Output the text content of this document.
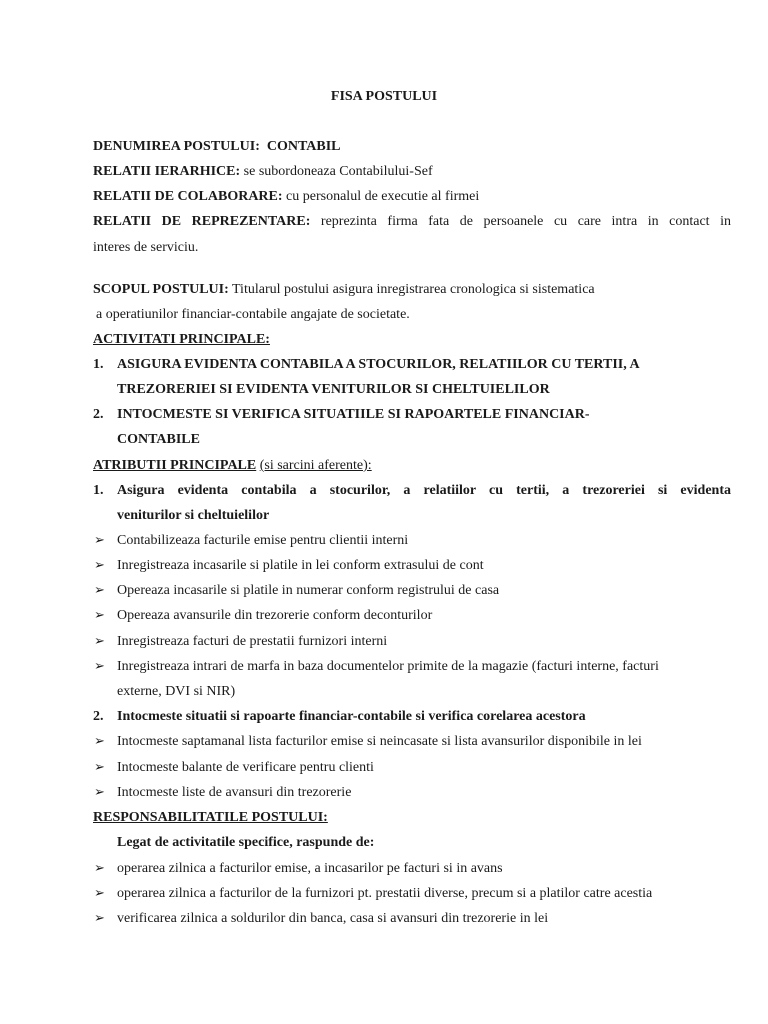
FISA POSTULUI
DENUMIREA POSTULUI: CONTABIL
RELATII IERARHICE: se subordoneaza Contabilului-Sef
RELATII DE COLABORARE: cu personalul de executie al firmei
RELATII DE REPREZENTARE: reprezinta firma fata de persoanele cu care intra in contact in
interes de serviciu.
SCOPUL POSTULUI: Titularul postului asigura inregistrarea cronologica si sistematica
a operatiunilor financiar-contabile angajate de societate.
ACTIVITATI PRINCIPALE:
1. ASIGURA EVIDENTA CONTABILA A STOCURILOR, RELATIILOR CU TERTII, A
TREZORERIEI SI EVIDENTA VENITURILOR SI CHELTUIELILOR
2. INTOCMESTE SI VERIFICA SITUATIILE SI RAPOARTELE FINANCIAR-
CONTABILE
ATRIBUTII PRINCIPALE (si sarcini aferente):
1. Asigura evidenta contabila a stocurilor, a relatiilor cu tertii, a trezoreriei si evidenta
veniturilor si cheltuielilor
➢ Contabilizeaza facturile emise pentru clientii interni
➢ Inregistreaza incasarile si platile in lei conform extrasului de cont
➢ Opereaza incasarile si platile in numerar conform registrului de casa
➢ Opereaza avansurile din trezorerie conform deconturilor
➢ Inregistreaza facturi de prestatii furnizori interni
➢ Inregistreaza intrari de marfa in baza documentelor primite de la magazie (facturi interne, facturi
externe, DVI si NIR)
2. Intocmeste situatii si rapoarte financiar-contabile si verifica corelarea acestora
➢ Intocmeste saptamanal lista facturilor emise si neincasate si lista avansurilor disponibile in lei
➢ Intocmeste balante de verificare pentru clienti
➢ Intocmeste liste de avansuri din trezorerie
RESPONSABILITATILE POSTULUI:
Legat de activitatile specifice, raspunde de:
➢ operarea zilnica a facturilor emise, a incasarilor pe facturi si in avans
➢ operarea zilnica a facturilor de la furnizori pt. prestatii diverse, precum si a platilor catre acestia
➢ verificarea zilnica a soldurilor din banca, casa si avansuri din trezorerie in lei
